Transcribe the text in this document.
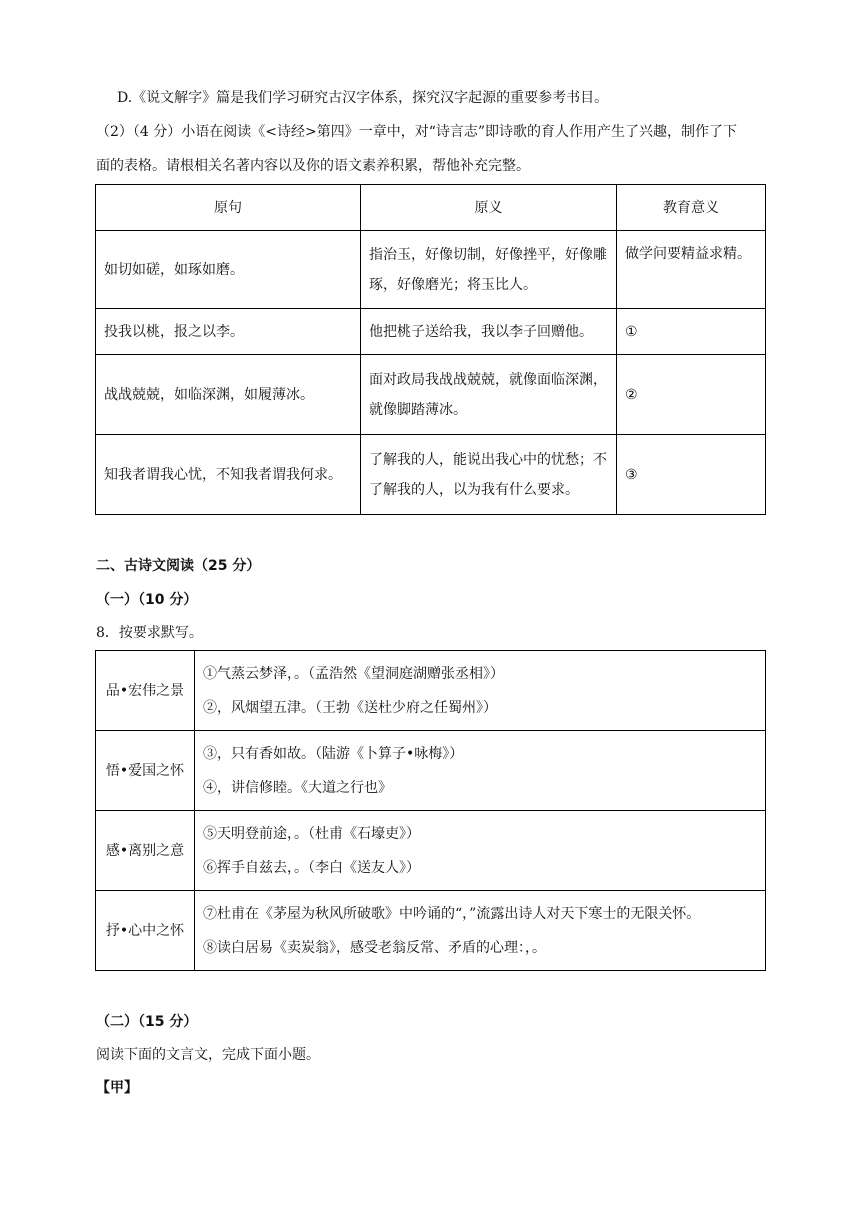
D.《说文解字》篇是我们学习研究古汉字体系，探究汉字起源的重要参考书目。
（2）（4 分）小语在阅读《<诗经>第四》一章中，对“诗言志”即诗歌的育人作用产生了兴趣，制作了下
面的表格。请根相关名著内容以及你的语文素养积累，帮他补充完整。
原句	原义	教育意义
如切如磋，如琢如磨。	指治玉，好像切制，好像挫平，好像雕琢，好像磨光；将玉比人。	做学问要精益求精。
投我以桃，报之以李。	他把桃子送给我，我以李子回赠他。	①
战战兢兢，如临深渊，如履薄冰。	面对政局我战战兢兢，就像面临深渊，就像脚踏薄冰。	②
知我者谓我心忧，不知我者谓我何求。	了解我的人，能说出我心中的忧愁；不了解我的人，以为我有什么要求。	③
二、古诗文阅读（25 分）
（一）（10 分）
8．按要求默写。
品•宏伟之景	①气蒸云梦泽，。（孟浩然《望洞庭湖赠张丞相》）
②，风烟望五津。（王勃《送杜少府之任蜀州》）

悟•爱国之怀	③，只有香如故。（陆游《卜算子•咏梅》）
④，讲信修睦。《大道之行也》

感•离别之意	⑤天明登前途，。（杜甫《石壕吏》）
⑥挥手自兹去，。（李白《送友人》）

抒•心中之怀	⑦杜甫在《茅屋为秋风所破歌》中吟诵的“，”流露出诗人对天下寒士的无限关怀。
⑧读白居易《卖炭翁》，感受老翁反常、矛盾的心理：，。
（二）（15 分）
阅读下面的文言文，完成下面小题。
【甲】
